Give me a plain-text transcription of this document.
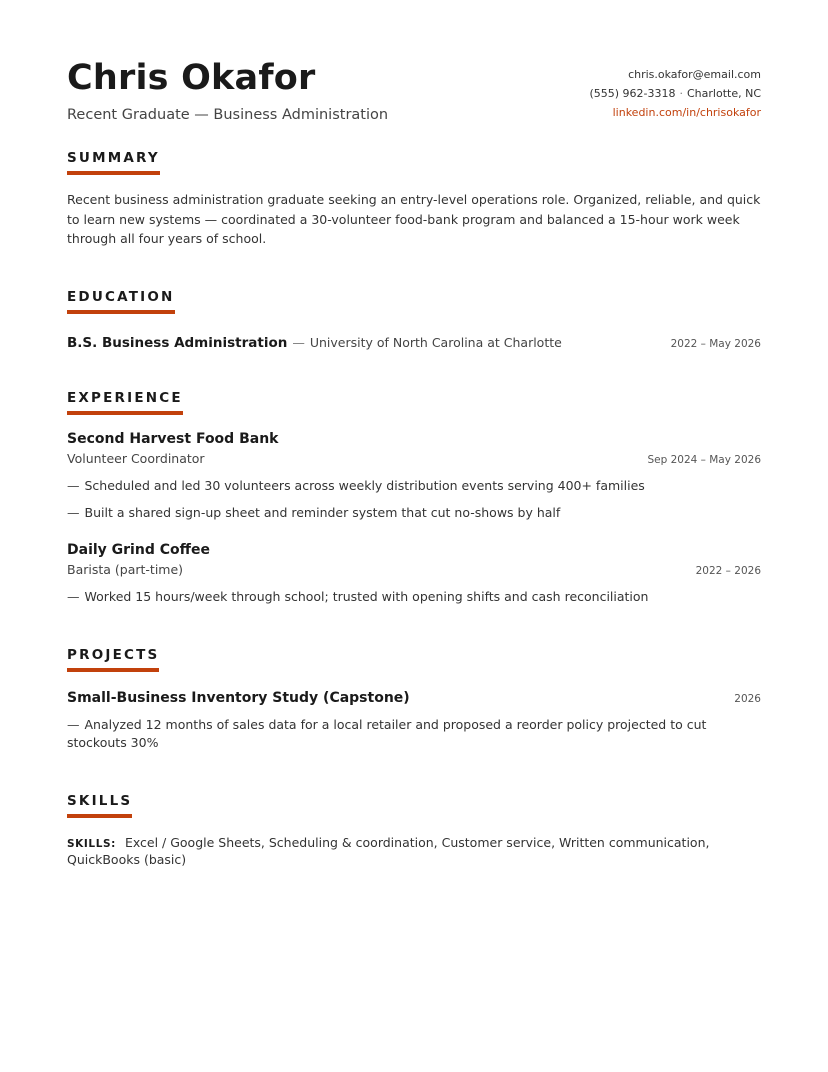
Chris Okafor
Recent Graduate — Business Administration
chris.okafor@email.com
(555) 962-3318 · Charlotte, NC
linkedin.com/in/chrisokafor
SUMMARY

Recent business administration graduate seeking an entry-level operations role. Organized, reliable, and quick to learn new systems — coordinated a 30-volunteer food-bank program and balanced a 15-hour work week through all four years of school.

EDUCATION
B.S. Business Administration — University of North Carolina at Charlotte	2022 – May 2026
EXPERIENCE
Second Harvest Food Bank
Volunteer Coordinator	Sep 2024 – May 2026
— Scheduled and led 30 volunteers across weekly distribution events serving 400+ families
— Built a shared sign-up sheet and reminder system that cut no-shows by half
Daily Grind Coffee
Barista (part-time)	2022 – 2026
— Worked 15 hours/week through school; trusted with opening shifts and cash reconciliation
PROJECTS
Small-Business Inventory Study (Capstone)	2026
— Analyzed 12 months of sales data for a local retailer and proposed a reorder policy projected to cut stockouts 30%
SKILLS
SKILLS: Excel / Google Sheets, Scheduling & coordination, Customer service, Written communication, QuickBooks (basic)
